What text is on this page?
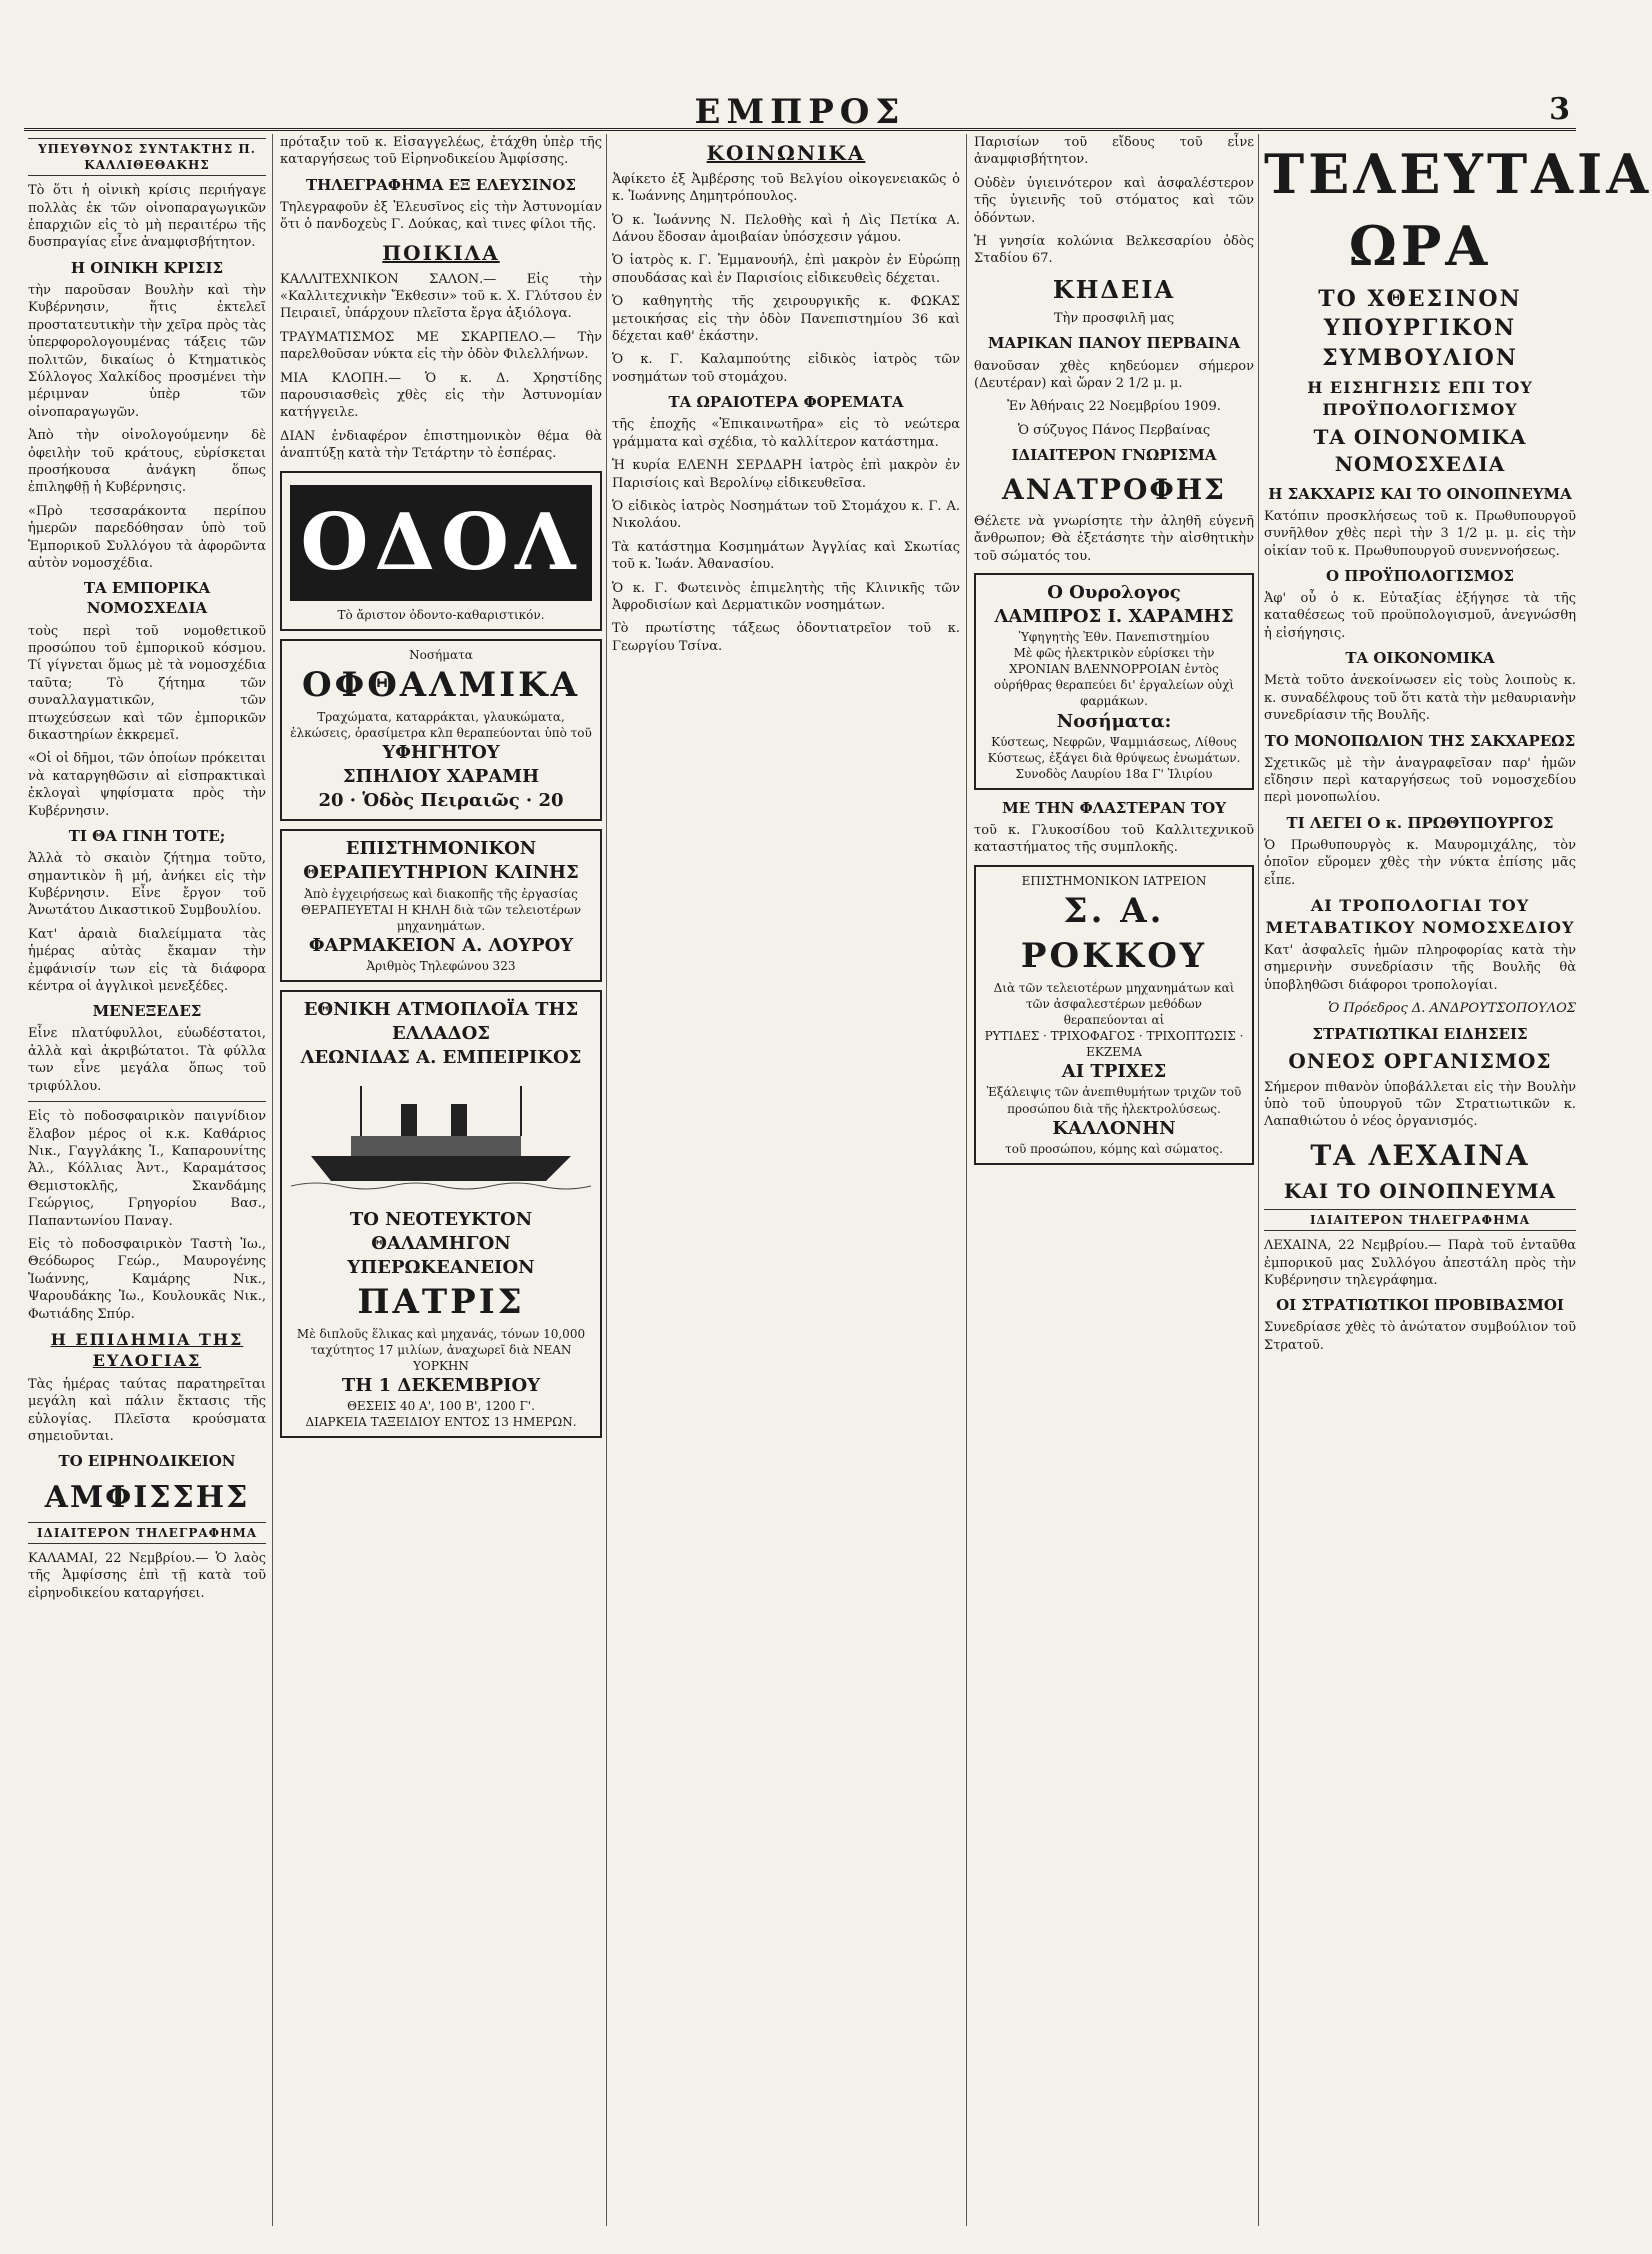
ΕΜΠΡΟΣ	3
ΥΠΕΥΘΥΝΟΣ ΣΥΝΤΑΚΤΗΣ Π. ΚΑΛΛΙΘΕΘΑΚΗΣ

Τὸ ὅτι ἡ οἰνικὴ κρίσις περιήγαγε πολλὰς ἐκ τῶν οἰνοπαραγωγικῶν ἐπαρχιῶν εἰς τὸ μὴ περαιτέρω τῆς δυσπραγίας εἶνε ἀναμφισβήτητον.

Η ΟΙΝΙΚΗ ΚΡΙΣΙΣ

τὴν παροῦσαν Βουλὴν καὶ τὴν Κυβέρνησιν, ἥτις ἐκτελεῖ προστατευτικὴν τὴν χεῖρα πρὸς τὰς ὑπερφορολογουμένας τάξεις τῶν πολιτῶν, δικαίως ὁ Κτηματικὸς Σύλλογος Χαλκίδος προσμένει τὴν μέριμναν ὑπὲρ τῶν οἰνοπαραγωγῶν.

Ἀπὸ τὴν οἰνολογούμενην δὲ ὀφειλὴν τοῦ κράτους, εὑρίσκεται προσήκουσα ἀνάγκη ὅπως ἐπιληφθῇ ἡ Κυβέρνησις.

«Πρὸ τεσσαράκοντα περίπου ἡμερῶν παρεδόθησαν ὑπὸ τοῦ Ἐμπορικοῦ Συλλόγου τὰ ἀφορῶντα αὐτὸν νομοσχέδια.

ΤΑ ΕΜΠΟΡΙΚΑ ΝΟΜΟΣΧΕΔΙΑ

τοὺς περὶ τοῦ νομοθετικοῦ προσώπου τοῦ ἐμπορικοῦ κόσμου. Τί γίγνεται ὅμως μὲ τὰ νομοσχέδια ταῦτα; Τὸ ζήτημα τῶν συναλλαγματικῶν, τῶν πτωχεύσεων καὶ τῶν ἐμπορικῶν δικαστηρίων ἐκκρεμεῖ.

«Οἱ οἱ δῆμοι, τῶν ὁποίων πρόκειται νὰ καταργηθῶσιν αἱ εἰσπρακτικαὶ ἐκλογαὶ ψηφίσματα πρὸς τὴν Κυβέρνησιν.

ΤΙ ΘΑ ΓΙΝΗ ΤΟΤΕ;

Ἀλλὰ τὸ σκαιὸν ζήτημα τοῦτο, σημαντικὸν ἢ μή, ἀνήκει εἰς τὴν Κυβέρνησιν. Εἶνε ἔργον τοῦ Ἀνωτάτου Δικαστικοῦ Συμβουλίου.

Κατ' ἀραιὰ διαλείμματα τὰς ἡμέρας αὐτὰς ἔκαμαν τὴν ἐμφάνισίν των εἰς τὰ διάφορα κέντρα οἱ ἀγγλικοὶ μενεξέδες.

ΜΕΝΕΞΕΔΕΣ

Εἶνε πλατύφυλλοι, εὐωδέστατοι, ἀλλὰ καὶ ἀκριβώτατοι. Τὰ φύλλα των εἶνε μεγάλα ὅπως τοῦ τριφύλλου.

Εἰς τὸ ποδοσφαιρικὸν παιγνίδιον ἔλαβον μέρος οἱ κ.κ. Καθάριος Νικ., Γαγγλάκης Ἰ., Καπαρουνίτης Ἀλ., Κόλλιας Ἀντ., Καραμάτσος Θεμιστοκλῆς, Σκανδάμης Γεώργιος, Γρηγορίου Βασ., Παπαντωνίου Παναγ.

Εἰς τὸ ποδοσφαιρικὸν Ταστὴ Ἰω., Θεόδωρος Γεώρ., Μαυρογένης Ἰωάννης, Καμάρης Νικ., Ψαρουδάκης Ἰω., Κουλουκᾶς Νικ., Φωτιάδης Σπύρ.

Η ΕΠΙΔΗΜΙΑ ΤΗΣ ΕΥΛΟΓΙΑΣ

Τὰς ἡμέρας ταύτας παρατηρεῖται μεγάλη καὶ πάλιν ἔκτασις τῆς εὐλογίας. Πλεῖστα κρούσματα σημειοῦνται.

ΤΟ ΕΙΡΗΝΟΔΙΚΕΙΟΝ
ΑΜΦΙΣΣΗΣ
ΙΔΙΑΙΤΕΡΟΝ ΤΗΛΕΓΡΑΦΗΜΑ

ΚΑΛΑΜΑΙ, 22 Νεμβρίου.— Ὁ λαὸς τῆς Ἀμφίσσης ἐπὶ τῇ κατὰ τοῦ εἰρηνοδικείου καταργήσει.

πρόταξιν τοῦ κ. Εἰσαγγελέως, ἐτάχθη ὑπὲρ τῆς καταργήσεως τοῦ Εἰρηνοδικείου Ἀμφίσσης.

ΤΗΛΕΓΡΑΦΗΜΑ ΕΞ ΕΛΕΥΣΙΝΟΣ

Τηλεγραφοῦν ἐξ Ἐλευσῖνος εἰς τὴν Ἀστυνομίαν ὅτι ὁ πανδοχεὺς Γ. Δούκας, καὶ τινες φίλοι τῆς.

ΠΟΙΚΙΛΑ

ΚΑΛΛΙΤΕΧΝΙΚΟΝ ΣΑΛΟΝ.— Εἰς τὴν «Καλλιτεχνικὴν Ἔκθεσιν» τοῦ κ. Χ. Γλύτσου ἐν Πειραιεῖ, ὑπάρχουν πλεῖστα ἔργα ἀξιόλογα.

ΤΡΑΥΜΑΤΙΣΜΟΣ ΜΕ ΣΚΑΡΠΕΛΟ.— Τὴν παρελθοῦσαν νύκτα εἰς τὴν ὁδὸν Φιλελλήνων.

ΜΙΑ ΚΛΟΠΗ.— Ὁ κ. Δ. Χρηστίδης παρουσιασθεὶς χθὲς εἰς τὴν Ἀστυνομίαν κατήγγειλε.

ΔΙΑΝ ἐνδιαφέρον ἐπιστημονικὸν θέμα θὰ ἀναπτύξῃ κατὰ τὴν Τετάρτην τὸ ἑσπέρας.

ΟΔΟΛ
Τὸ ἄριστον ὀδοντο-καθαριστικόν.
Νοσήματα
ΟΦΘΑΛΜΙΚΑ
Τραχώματα, καταρράκται, γλαυκώματα, ἐλκώσεις, ὁρασίμετρα κλπ θεραπεύονται ὑπὸ τοῦ
ΥΦΗΓΗΤΟΥ
ΣΠΗΛΙΟΥ ΧΑΡΑΜΗ
20 · Ὁδὸς Πειραιῶς · 20
ΕΠΙΣΤΗΜΟΝΙΚΟΝ ΘΕΡΑΠΕΥΤΗΡΙΟΝ ΚΛΙΝΗΣ
Ἀπὸ ἐγχειρήσεως καὶ διακοπῆς τῆς ἐργασίας ΘΕΡΑΠΕΥΕΤΑΙ Η ΚΗΛΗ διὰ τῶν τελειοτέρων μηχανημάτων.
ΦΑΡΜΑΚΕΙΟΝ Α. ΛΟΥΡΟΥ
Ἀριθμὸς Τηλεφώνου 323
ΕΘΝΙΚΗ ΑΤΜΟΠΛΟΪΑ ΤΗΣ ΕΛΛΑΔΟΣ
ΛΕΩΝΙΔΑΣ Α. ΕΜΠΕΙΡΙΚΟΣ
ΤΟ ΝΕΟΤΕΥΚΤΟΝ ΘΑΛΑΜΗΓΟΝ ΥΠΕΡΩΚΕΑΝΕΙΟΝ
ΠΑΤΡΙΣ
Μὲ διπλοῦς ἕλικας καὶ μηχανάς, τόνων 10,000 ταχύτητος 17 μιλίων, ἀναχωρεῖ διὰ ΝΕΑΝ ΥΟΡΚΗΝ
ΤΗ 1 ΔΕΚΕΜΒΡΙΟΥ
ΘΕΣΕΙΣ 40 Α', 100 Β', 1200 Γ'.
ΔΙΑΡΚΕΙΑ ΤΑΞΕΙΔΙΟΥ ΕΝΤΟΣ 13 ΗΜΕΡΩΝ.
ΚΟΙΝΩΝΙΚΑ

Ἀφίκετο ἐξ Ἀμβέρσης τοῦ Βελγίου οἰκογενειακῶς ὁ κ. Ἰωάννης Δημητρόπουλος.

Ὁ κ. Ἰωάννης Ν. Πελοθὴς καὶ ἡ Δὶς Πετίκα Α. Δάνου ἔδοσαν ἀμοιβαίαν ὑπόσχεσιν γάμου.

Ὁ ἰατρὸς κ. Γ. Ἐμμανουήλ, ἐπὶ μακρὸν ἐν Εὐρώπῃ σπουδάσας καὶ ἐν Παρισίοις εἰδικευθεὶς δέχεται.

Ὁ καθηγητὴς τῆς χειρουργικῆς κ. ΦΩΚΑΣ μετοικήσας εἰς τὴν ὁδὸν Πανεπιστημίου 36 καὶ δέχεται καθ' ἑκάστην.

Ὁ κ. Γ. Καλαμπούτης εἰδικὸς ἰατρὸς τῶν νοσημάτων τοῦ στομάχου.

ΤΑ ΩΡΑΙΟΤΕΡΑ ΦΟΡΕΜΑΤΑ

τῆς ἐποχῆς «Ἐπικαινωτῆρα» εἰς τὸ νεώτερα γράμματα καὶ σχέδια, τὸ καλλίτερον κατάστημα.

Ἡ κυρία ΕΛΕΝΗ ΣΕΡΔΑΡΗ ἰατρὸς ἐπὶ μακρὸν ἐν Παρισίοις καὶ Βερολίνῳ εἰδικευθεῖσα.

Ὁ εἰδικὸς ἰατρὸς Νοσημάτων τοῦ Στομάχου κ. Γ. Α. Νικολάου.

Τὰ κατάστημα Κοσμημάτων Ἀγγλίας καὶ Σκωτίας τοῦ κ. Ἰωάν. Ἀθανασίου.

Ὁ κ. Γ. Φωτεινὸς ἐπιμελητὴς τῆς Κλινικῆς τῶν Ἀφροδισίων καὶ Δερματικῶν νοσημάτων.

Τὸ πρωτίστης τάξεως ὀδοντιατρεῖον τοῦ κ. Γεωργίου Τσίνα.

Παρισίων τοῦ εἴδους τοῦ εἶνε ἀναμφισβήτητον.

Οὐδὲν ὑγιεινότερον καὶ ἀσφαλέστερον τῆς ὑγιεινῆς τοῦ στόματος καὶ τῶν ὀδόντων.

Ἡ γνησία κολώνια Βελκεσαρίου ὁδὸς Σταδίου 67.

ΚΗΔΕΙΑ

Τὴν προσφιλῆ μας

ΜΑΡΙΚΑΝ ΠΑΝΟΥ ΠΕΡΒΑΙΝΑ

θανοῦσαν χθὲς κηδεύομεν σήμερον (Δευτέραν) καὶ ὥραν 2 1/2 μ. μ.

Ἐν Ἀθήναις 22 Νοεμβρίου 1909.

Ὁ σύζυγος Πάνος Περβαίνας

ΙΔΙΑΙΤΕΡΟΝ ΓΝΩΡΙΣΜΑ
ΑΝΑΤΡΟΦΗΣ

Θέλετε νὰ γνωρίσητε τὴν ἀληθῆ εὐγενῆ ἄνθρωπον; Θὰ ἐξετάσητε τὴν αἰσθητικὴν τοῦ σώματός του.

Ο Ουρολογος
ΛΑΜΠΡΟΣ Ι. ΧΑΡΑΜΗΣ
Ὑφηγητὴς Ἐθν. Πανεπιστημίου
Μὲ φῶς ἠλεκτρικὸν εὑρίσκει τὴν ΧΡΟΝΙΑΝ ΒΛΕΝΝΟΡΡΟΙΑΝ ἐντὸς οὐρήθρας θεραπεύει δι' ἐργαλείων οὐχὶ φαρμάκων.
Νοσήματα:
Κύστεως, Νεφρῶν, Ψαμμιάσεως, Λίθους Κύστεως, ἐξάγει διὰ θρύψεως ἐνωμάτων.
Συνοδὸς Λαυρίου 18α Γ' Ἰλιρίου
ΜΕ ΤΗΝ ΦΛΑΣΤΕΡΑΝ ΤΟΥ

τοῦ κ. Γλυκοσίδου τοῦ Καλλιτεχνικοῦ καταστήματος τῆς συμπλοκῆς.

ΕΠΙΣΤΗΜΟΝΙΚΟΝ ΙΑΤΡΕΙΟΝ
Σ. Α. ΡΟΚΚΟΥ
Διὰ τῶν τελειοτέρων μηχανημάτων καὶ τῶν ἀσφαλεστέρων μεθόδων θεραπεύονται αἱ
ΡΥΤΙΔΕΣ · ΤΡΙΧΟΦΑΓΟΣ · ΤΡΙΧΟΠΤΩΣΙΣ · ΕΚΖΕΜΑ
ΑΙ ΤΡΙΧΕΣ
Ἐξάλειψις τῶν ἀνεπιθυμήτων τριχῶν τοῦ προσώπου διὰ τῆς ἠλεκτρολύσεως.
ΚΑΛΛΟΝΗΝ
τοῦ προσώπου, κόμης καὶ σώματος.
ΤΕΛΕΥΤΑΙΑ ΩΡΑ
ΤΟ ΧΘΕΣΙΝΟΝ ΥΠΟΥΡΓΙΚΟΝ ΣΥΜΒΟΥΛΙΟΝ
Η ΕΙΣΗΓΗΣΙΣ ΕΠΙ ΤΟΥ ΠΡΟΫΠΟΛΟΓΙΣΜΟΥ
ΤΑ ΟΙΝΟΝΟΜΙΚΑ ΝΟΜΟΣΧΕΔΙΑ
Η ΣΑΚΧΑΡΙΣ ΚΑΙ ΤΟ ΟΙΝΟΠΝΕΥΜΑ

Κατόπιν προσκλήσεως τοῦ κ. Πρωθυπουργοῦ συνῆλθον χθὲς περὶ τὴν 3 1/2 μ. μ. εἰς τὴν οἰκίαν τοῦ κ. Πρωθυπουργοῦ συνεννοήσεως.

Ο ΠΡΟΫΠΟΛΟΓΙΣΜΟΣ

Ἀφ' οὗ ὁ κ. Εὐταξίας ἐξήγησε τὰ τῆς καταθέσεως τοῦ προϋπολογισμοῦ, ἀνεγνώσθη ἡ εἰσήγησις.

ΤΑ ΟΙΚΟΝΟΜΙΚΑ

Μετὰ τοῦτο ἀνεκοίνωσεν εἰς τοὺς λοιποὺς κ. κ. συναδέλφους τοῦ ὅτι κατὰ τὴν μεθαυριανὴν συνεδρίασιν τῆς Βουλῆς.

ΤΟ ΜΟΝΟΠΩΛΙΟΝ ΤΗΣ ΣΑΚΧΑΡΕΩΣ

Σχετικῶς μὲ τὴν ἀναγραφεῖσαν παρ' ἡμῶν εἴδησιν περὶ καταργήσεως τοῦ νομοσχεδίου περὶ μονοπωλίου.

ΤΙ ΛΕΓΕΙ Ο κ. ΠΡΩΘΥΠΟΥΡΓΟΣ

Ὁ Πρωθυπουργὸς κ. Μαυρομιχάλης, τὸν ὁποῖον εὕρομεν χθὲς τὴν νύκτα ἐπίσης μᾶς εἶπε.

ΑΙ ΤΡΟΠΟΛΟΓΙΑΙ ΤΟΥ ΜΕΤΑΒΑΤΙΚΟΥ ΝΟΜΟΣΧΕΔΙΟΥ

Κατ' ἀσφαλεῖς ἡμῶν πληροφορίας κατὰ τὴν σημερινὴν συνεδρίασιν τῆς Βουλῆς θὰ ὑποβληθῶσι διάφοροι τροπολογίαι.

Ὁ Πρόεδρος Δ. ΑΝΔΡΟΥΤΣΟΠΟΥΛΟΣ

ΣΤΡΑΤΙΩΤΙΚΑΙ ΕΙΔΗΣΕΙΣ
ΟΝΕΟΣ ΟΡΓΑΝΙΣΜΟΣ

Σήμερον πιθανὸν ὑποβάλλεται εἰς τὴν Βουλὴν ὑπὸ τοῦ ὑπουργοῦ τῶν Στρατιωτικῶν κ. Λαπαθιώτου ὁ νέος ὀργανισμός.

ΤΑ ΛΕΧΑΙΝΑ
ΚΑΙ ΤΟ ΟΙΝΟΠΝΕΥΜΑ
ΙΔΙΑΙΤΕΡΟΝ ΤΗΛΕΓΡΑΦΗΜΑ

ΛΕΧΑΙΝΑ, 22 Νεμβρίου.— Παρὰ τοῦ ἐνταῦθα ἐμπορικοῦ μας Συλλόγου ἀπεστάλη πρὸς τὴν Κυβέρνησιν τηλεγράφημα.

ΟΙ ΣΤΡΑΤΙΩΤΙΚΟΙ ΠΡΟΒΙΒΑΣΜΟΙ

Συνεδρίασε χθὲς τὸ ἀνώτατον συμβούλιον τοῦ Στρατοῦ.
